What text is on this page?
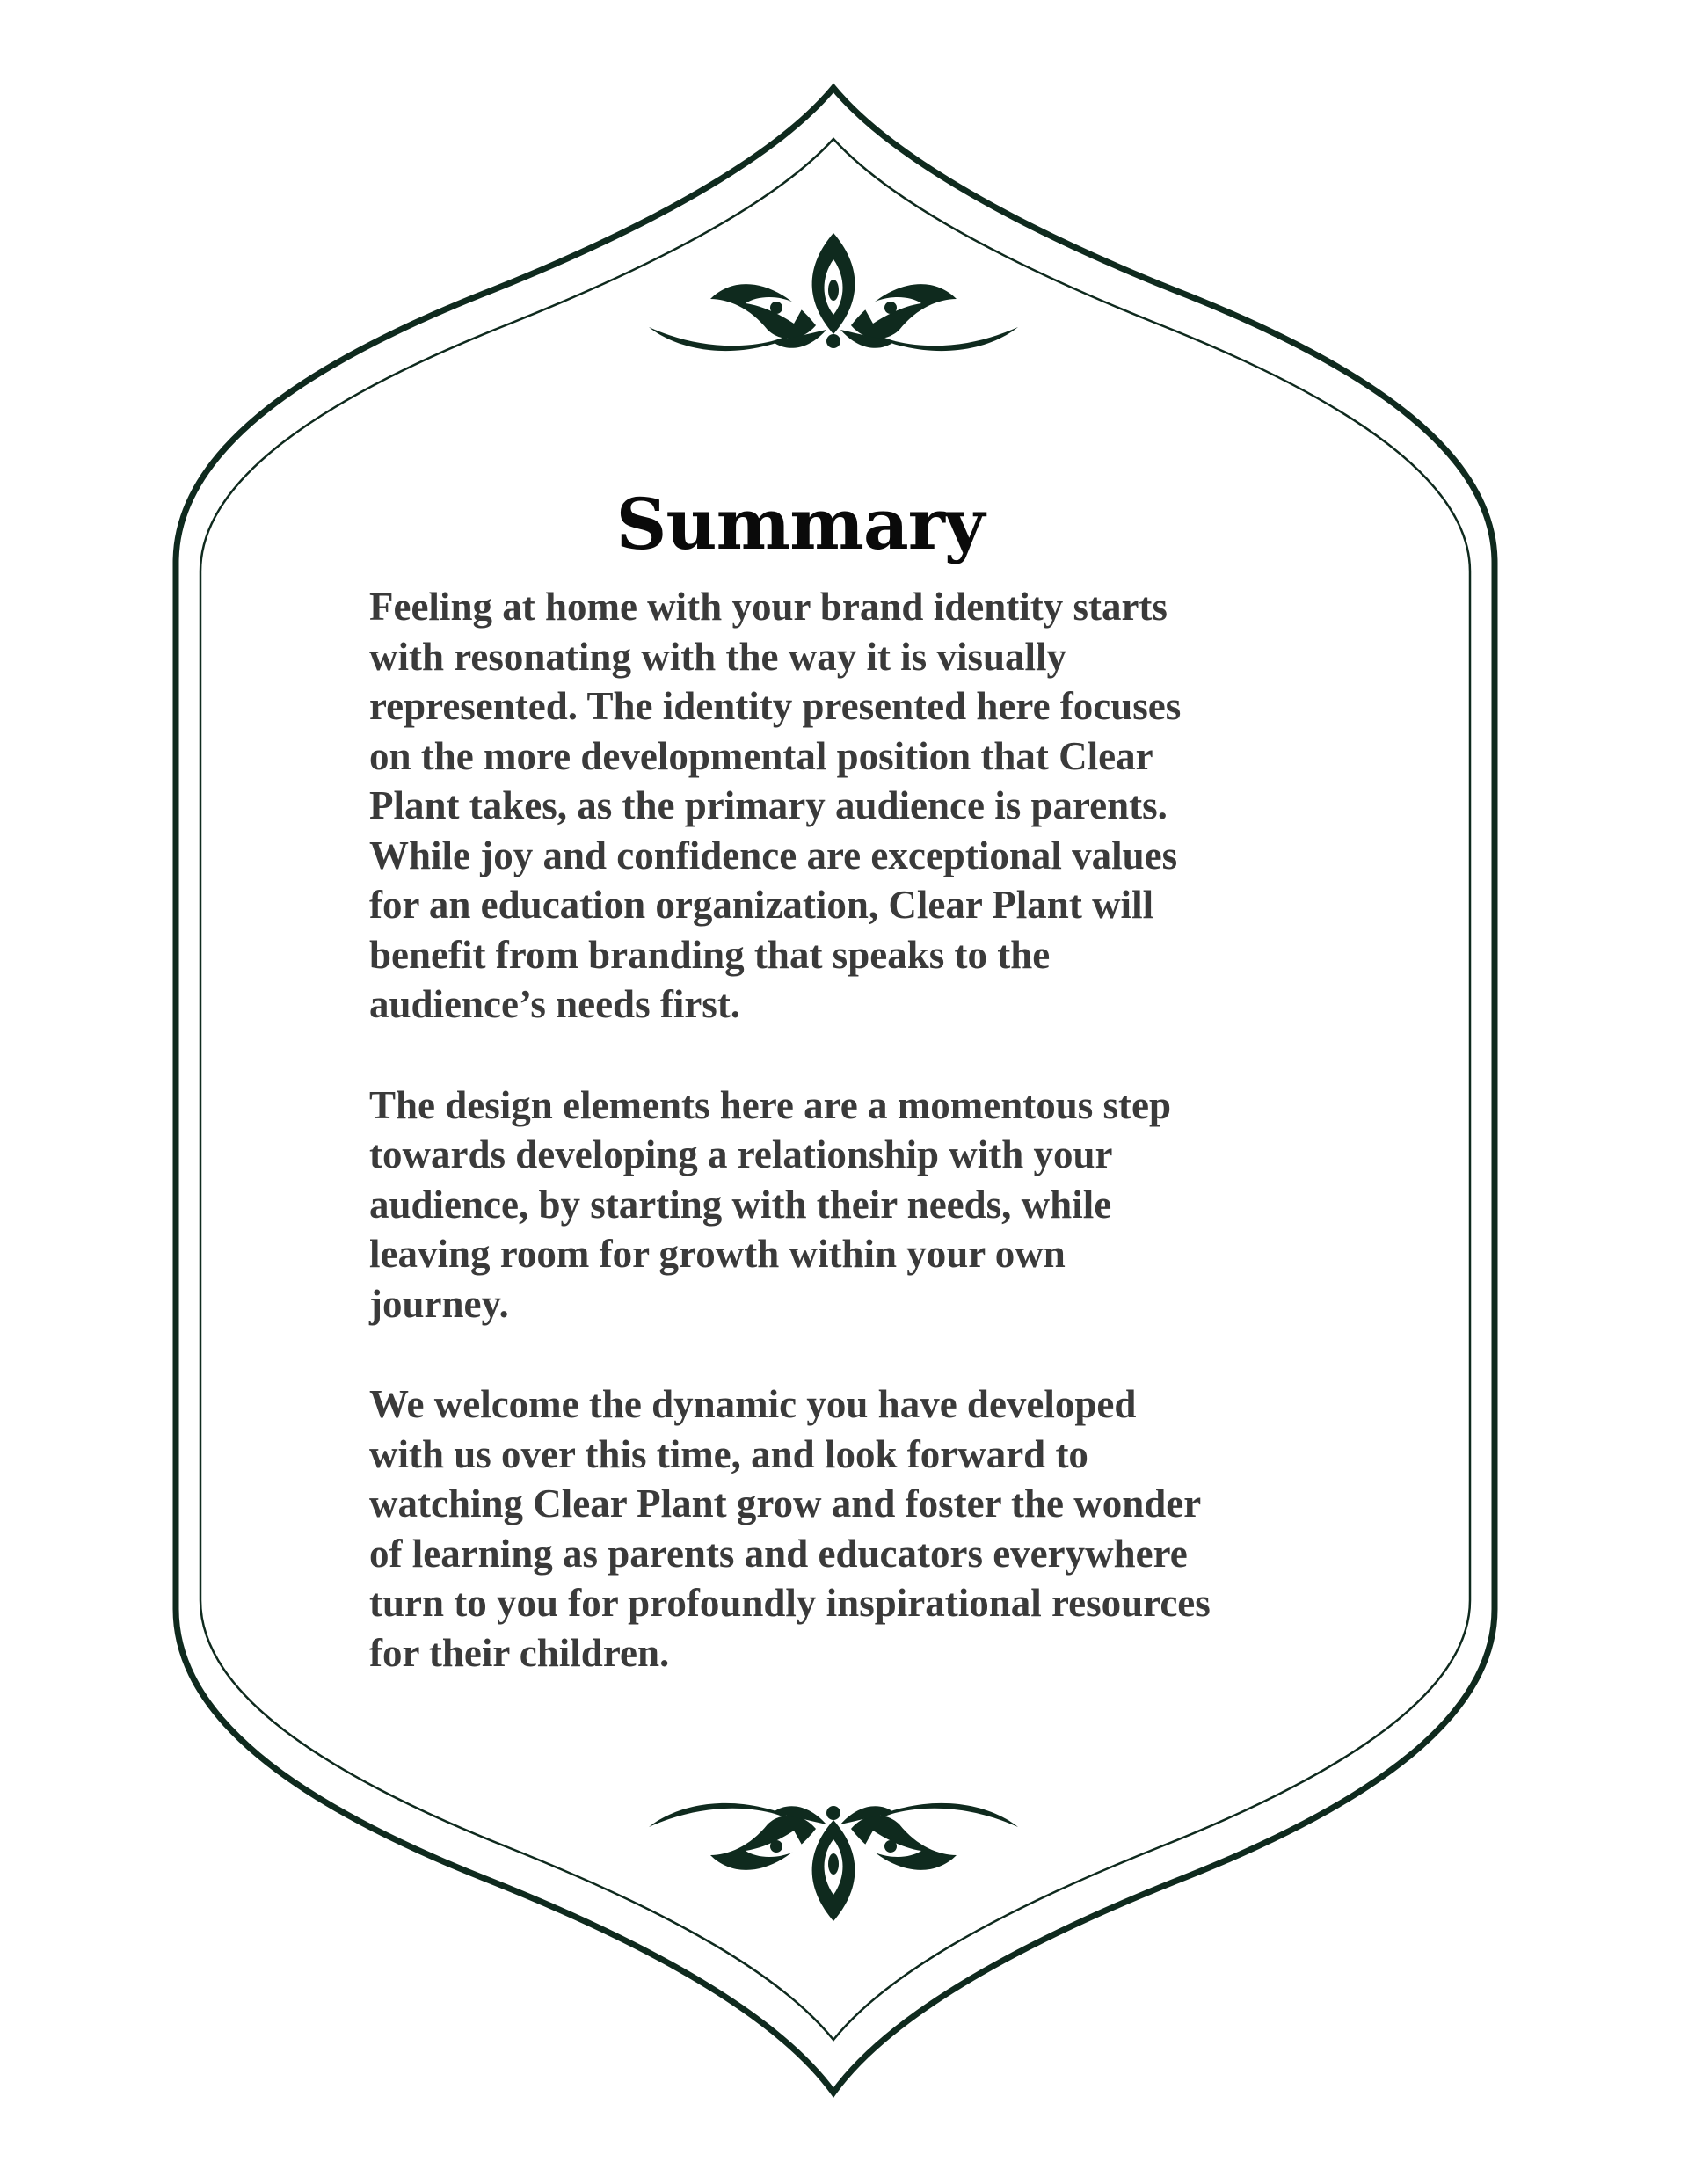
Summary

Feeling at home with your brand identity starts
with resonating with the way it is visually
represented. The identity presented here focuses
on the more developmental position that Clear
Plant takes, as the primary audience is parents.
While joy and confidence are exceptional values
for an education organization, Clear Plant will
benefit from branding that speaks to the
audience’s needs first.

The design elements here are a momentous step
towards developing a relationship with your
audience, by starting with their needs, while
leaving room for growth within your own
journey.

We welcome the dynamic you have developed
with us over this time, and look forward to
watching Clear Plant grow and foster the wonder
of learning as parents and educators everywhere
turn to you for profoundly inspirational resources
for their children.
